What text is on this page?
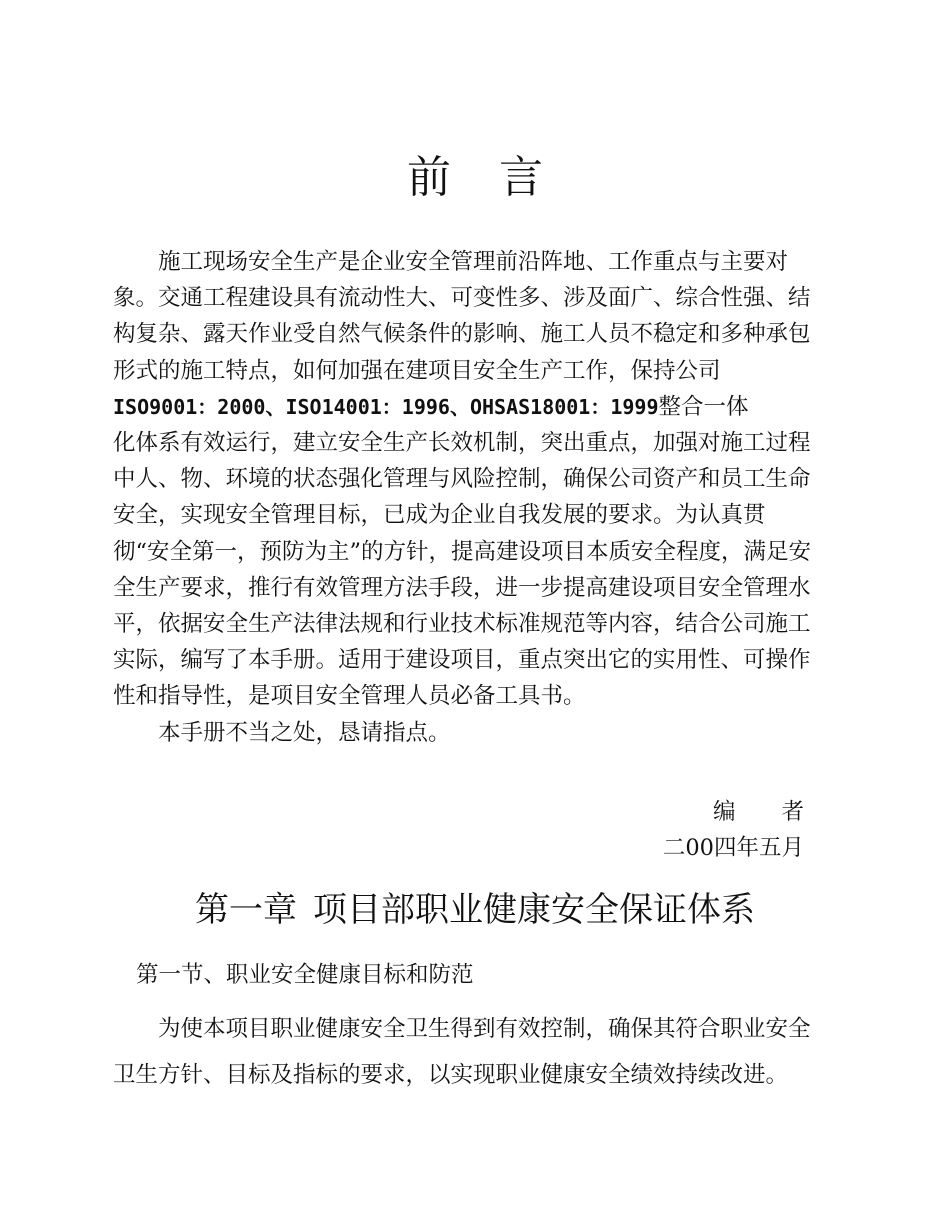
前言
施工现场安全生产是企业安全管理前沿阵地、工作重点与主要对
象。交通工程建设具有流动性大、可变性多、涉及面广、综合性强、结
构复杂、露天作业受自然气候条件的影响、施工人员不稳定和多种承包
形式的施工特点，如何加强在建项目安全生产工作，保持公司
ISO9001：2000、ISO14001：1996、OHSAS18001：1999整合一体
化体系有效运行，建立安全生产长效机制，突出重点，加强对施工过程
中人、物、环境的状态强化管理与风险控制，确保公司资产和员工生命
安全，实现安全管理目标，已成为企业自我发展的要求。为认真贯
彻“安全第一，预防为主”的方针，提高建设项目本质安全程度，满足安
全生产要求，推行有效管理方法手段，进一步提高建设项目安全管理水
平，依据安全生产法律法规和行业技术标准规范等内容，结合公司施工
实际，编写了本手册。适用于建设项目，重点突出它的实用性、可操作
性和指导性，是项目安全管理人员必备工具书。
本手册不当之处，恳请指点。
编者
二00四年五月
第一章 项目部职业健康安全保证体系
第一节、职业安全健康目标和防范
为使本项目职业健康安全卫生得到有效控制，确保其符合职业安全
卫生方针、目标及指标的要求，以实现职业健康安全绩效持续改进。
